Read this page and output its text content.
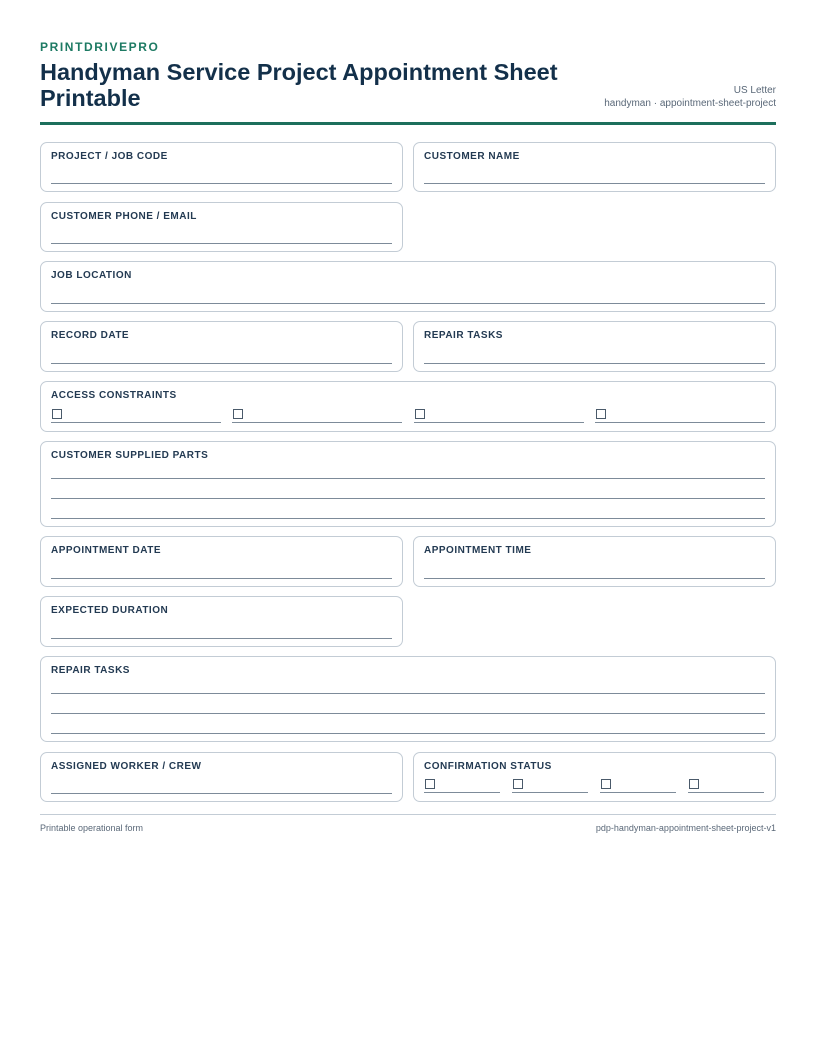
PRINTDRIVEPRO
Handyman Service Project Appointment Sheet Printable	US Letter
handyman · appointment-sheet-project
PROJECT / JOB CODE	CUSTOMER NAME
CUSTOMER PHONE / EMAIL
JOB LOCATION
RECORD DATE	REPAIR TASKS
ACCESS CONSTRAINTS
CUSTOMER SUPPLIED PARTS
APPOINTMENT DATE	APPOINTMENT TIME
EXPECTED DURATION
REPAIR TASKS
ASSIGNED WORKER / CREW	CONFIRMATION STATUS
Printable operational form	pdp-handyman-appointment-sheet-project-v1
